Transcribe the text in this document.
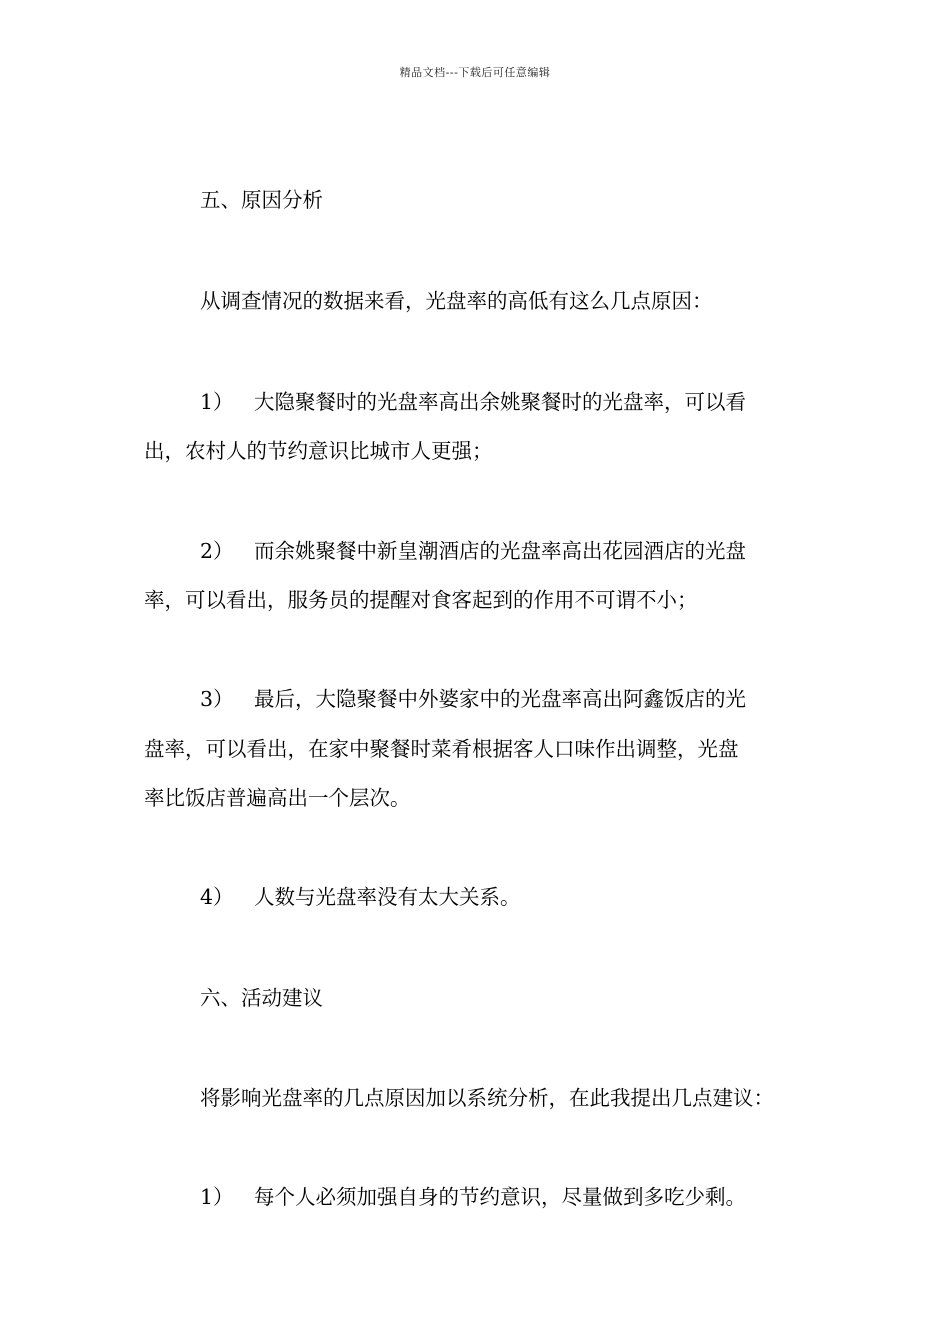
精品文档---下载后可任意编辑
五、原因分析
从调查情况的数据来看，光盘率的高低有这么几点原因：
1） 大隐聚餐时的光盘率高出余姚聚餐时的光盘率，可以看
出，农村人的节约意识比城市人更强；
2） 而余姚聚餐中新皇潮酒店的光盘率高出花园酒店的光盘
率，可以看出，服务员的提醒对食客起到的作用不可谓不小；
3） 最后，大隐聚餐中外婆家中的光盘率高出阿鑫饭店的光
盘率，可以看出，在家中聚餐时菜肴根据客人口味作出调整，光盘
率比饭店普遍高出一个层次。
4） 人数与光盘率没有太大关系。
六、活动建议
将影响光盘率的几点原因加以系统分析，在此我提出几点建议：
1） 每个人必须加强自身的节约意识，尽量做到多吃少剩。
